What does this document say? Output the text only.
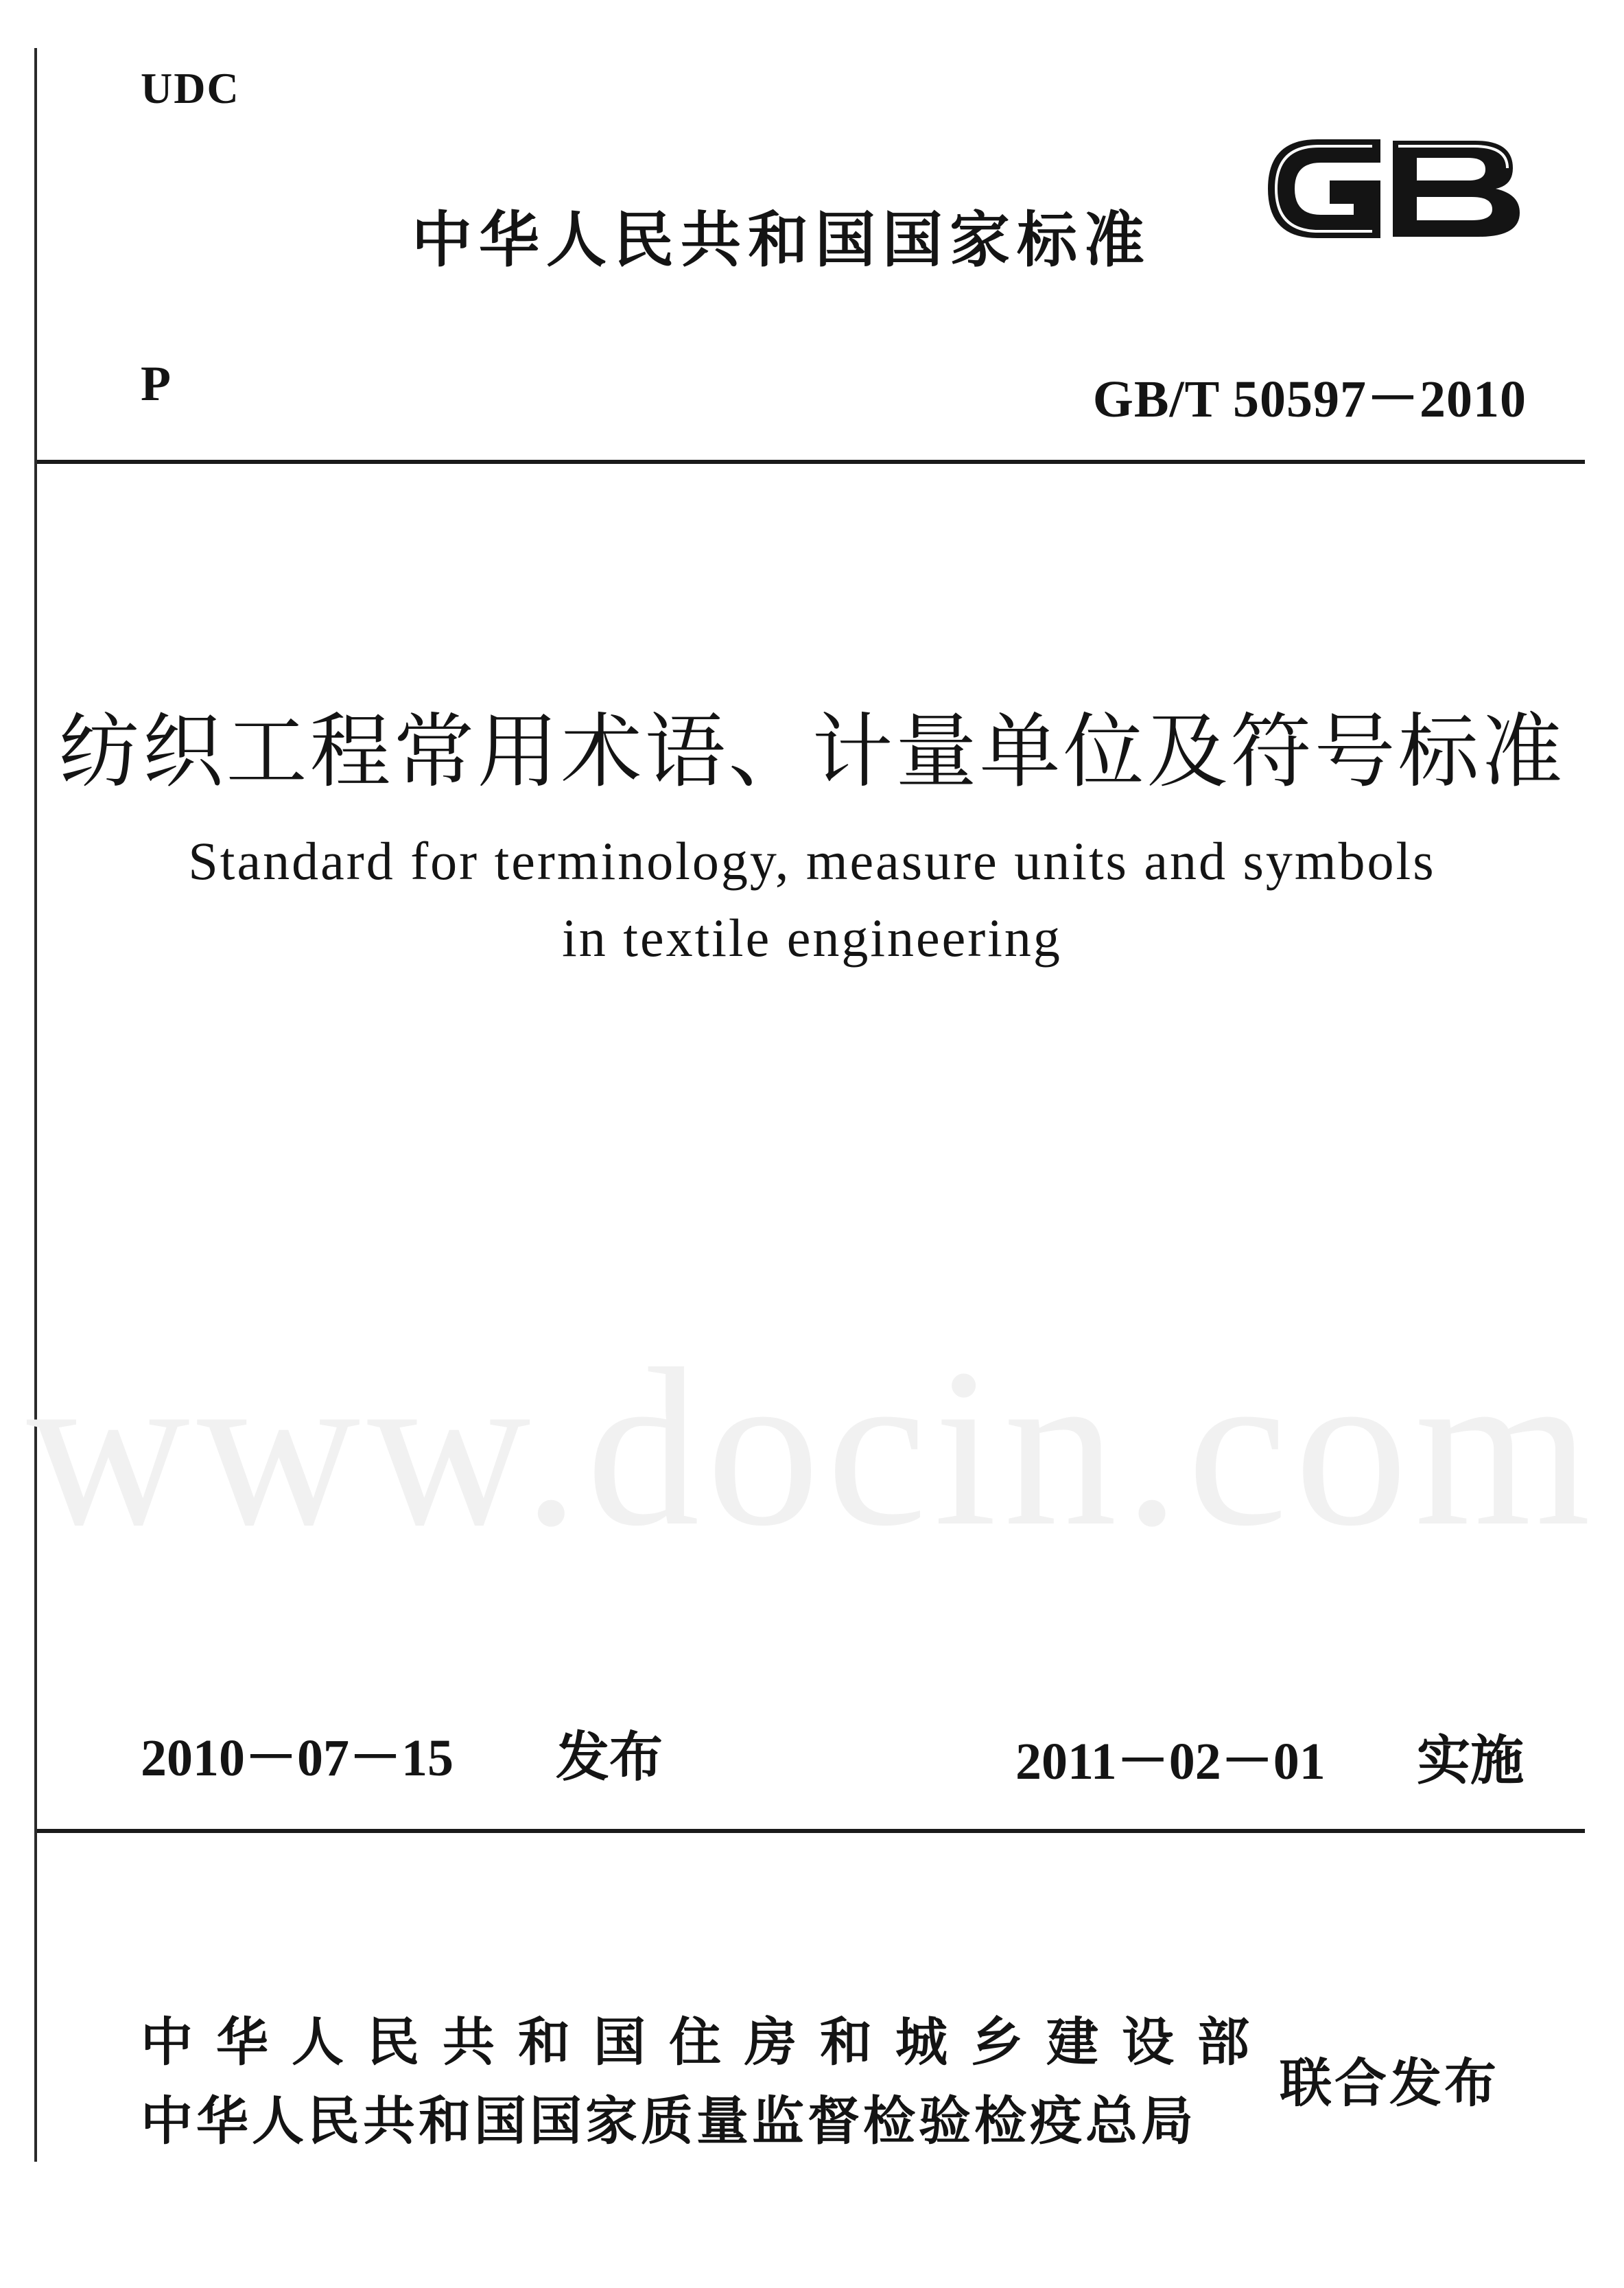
UDC
中华人民共和国国家标准
P	GB/T 50597－2010
纺织工程常用术语、计量单位及符号标准
Standard for terminology, measure units and symbols
in textile engineering
www.docin.com
2010－07－15 发布	2011－02－01 实施
中华人民共和国住房和城乡建设部
中华人民共和国国家质量监督检验检疫总局
联合发布
